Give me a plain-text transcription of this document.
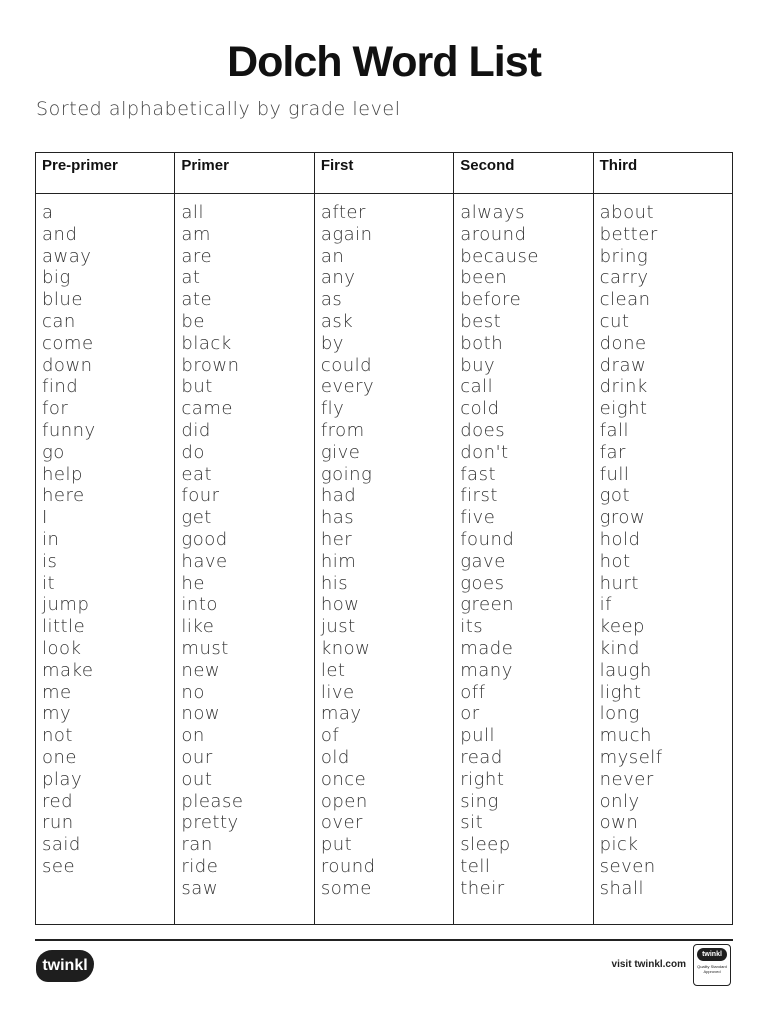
Dolch Word List
Sorted alphabetically by grade level
Pre-primer
a
and
away
big
blue
can
come
down
find
for
funny
go
help
here
I
in
is
it
jump
little
look
make
me
my
not
one
play
red
run
said
see
Primer
all
am
are
at
ate
be
black
brown
but
came
did
do
eat
four
get
good
have
he
into
like
must
new
no
now
on
our
out
please
pretty
ran
ride
saw
First
after
again
an
any
as
ask
by
could
every
fly
from
give
going
had
has
her
him
his
how
just
know
let
live
may
of
old
once
open
over
put
round
some
Second
always
around
because
been
before
best
both
buy
call
cold
does
don't
fast
first
five
found
gave
goes
green
its
made
many
off
or
pull
read
right
sing
sit
sleep
tell
their
Third
about
better
bring
carry
clean
cut
done
draw
drink
eight
fall
far
full
got
grow
hold
hot
hurt
if
keep
kind
laugh
light
long
much
myself
never
only
own
pick
seven
shall
twinkl	visit twinkl.com
twinkl
Quality Standard Approved
